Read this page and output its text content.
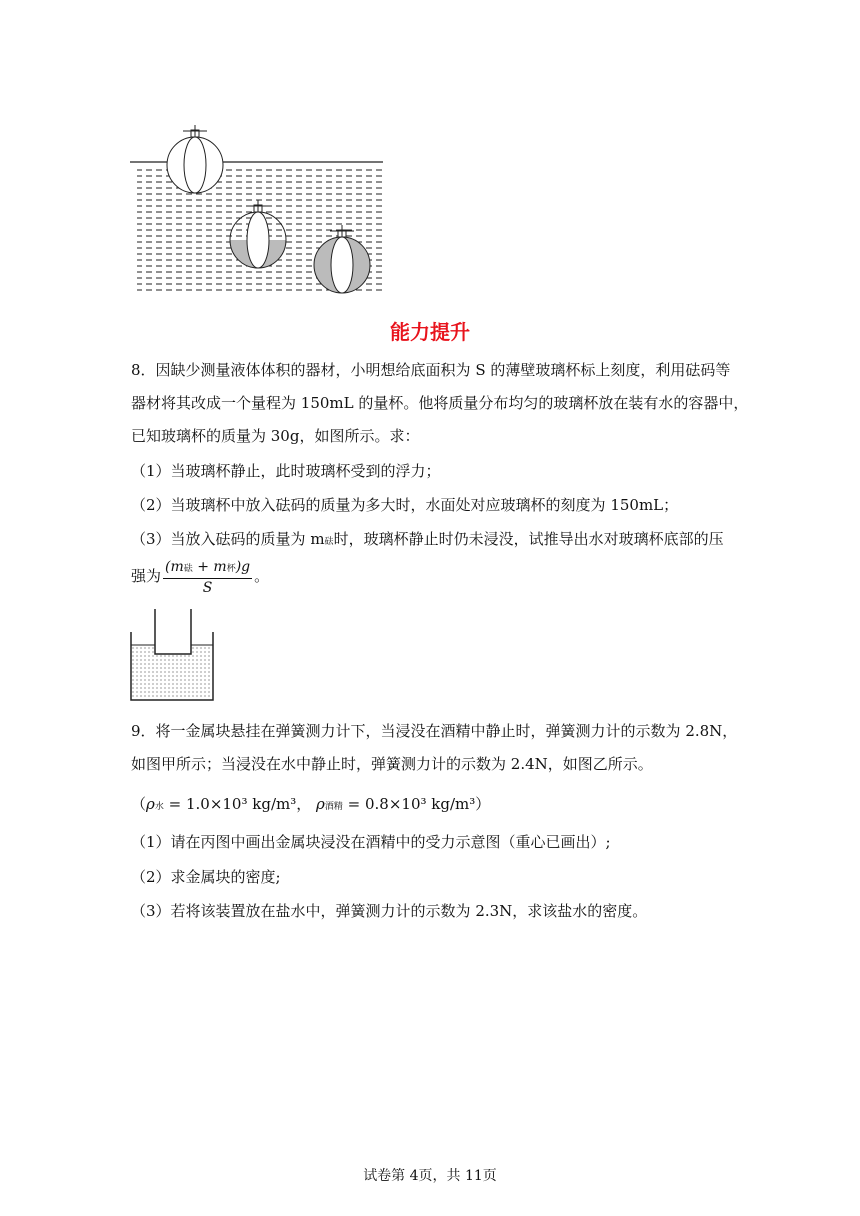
能力提升
8．因缺少测量液体体积的器材，小明想给底面积为 S 的薄壁玻璃杯标上刻度，利用砝码等
器材将其改成一个量程为 150mL 的量杯。他将质量分布均匀的玻璃杯放在装有水的容器中，
已知玻璃杯的质量为 30g，如图所示。求：
（1）当玻璃杯静止，此时玻璃杯受到的浮力；
（2）当玻璃杯中放入砝码的质量为多大时，水面处对应玻璃杯的刻度为 150mL；
（3）当放入砝码的质量为 m砝时，玻璃杯静止时仍未浸没，试推导出水对玻璃杯底部的压
强为 $\frac{\text{(m砝 + m杯)g}}{S}$ 。
9．将一金属块悬挂在弹簧测力计下，当浸没在酒精中静止时，弹簧测力计的示数为 2.8N，
如图甲所示；当浸没在水中静止时，弹簧测力计的示数为 2.4N，如图乙所示。
（ρ水 = 1.0×10³ kg/m³， ρ酒精 = 0.8×10³ kg/m³）
（1）请在丙图中画出金属块浸没在酒精中的受力示意图（重心已画出）;
（2）求金属块的密度;
（3）若将该装置放在盐水中，弹簧测力计的示数为 2.3N，求该盐水的密度。
试卷第 4页，共 11页
